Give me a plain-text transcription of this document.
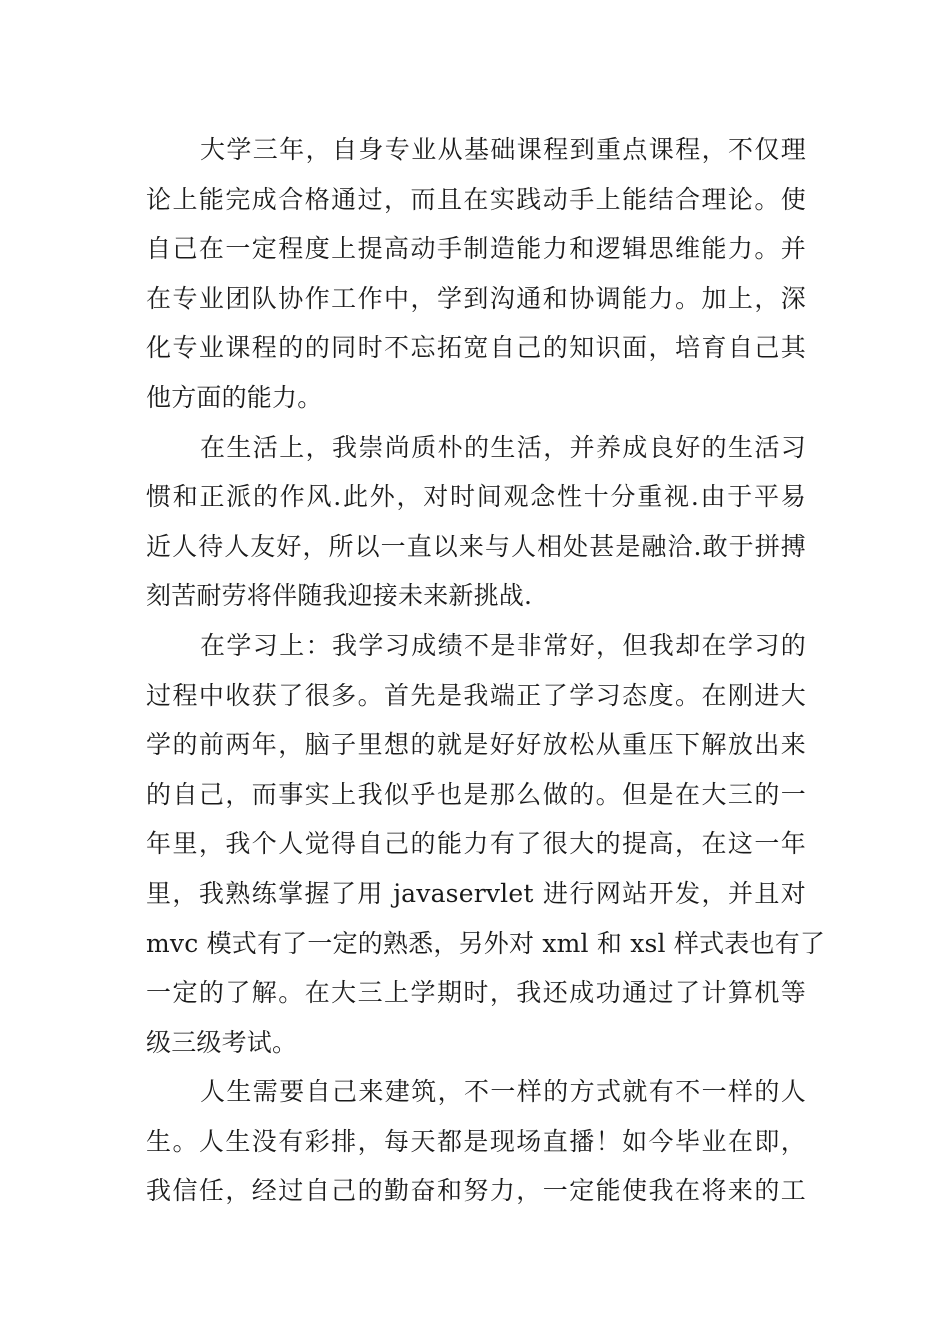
大学三年，自身专业从基础课程到重点课程，不仅理
论上能完成合格通过，而且在实践动手上能结合理论。使
自己在一定程度上提高动手制造能力和逻辑思维能力。并
在专业团队协作工作中，学到沟通和协调能力。加上，深
化专业课程的的同时不忘拓宽自己的知识面，培育自己其
他方面的能力。

在生活上，我崇尚质朴的生活，并养成良好的生活习
惯和正派的作风.此外，对时间观念性十分重视.由于平易
近人待人友好，所以一直以来与人相处甚是融洽.敢于拼搏
刻苦耐劳将伴随我迎接未来新挑战.

在学习上：我学习成绩不是非常好，但我却在学习的
过程中收获了很多。首先是我端正了学习态度。在刚进大
学的前两年，脑子里想的就是好好放松从重压下解放出来
的自己，而事实上我似乎也是那么做的。但是在大三的一
年里，我个人觉得自己的能力有了很大的提高，在这一年
里，我熟练掌握了用 javaservlet 进行网站开发，并且对
mvc 模式有了一定的熟悉，另外对 xml 和 xsl 样式表也有了
一定的了解。在大三上学期时，我还成功通过了计算机等
级三级考试。

人生需要自己来建筑，不一样的方式就有不一样的人
生。人生没有彩排，每天都是现场直播！如今毕业在即，
我信任，经过自己的勤奋和努力，一定能使我在将来的工
